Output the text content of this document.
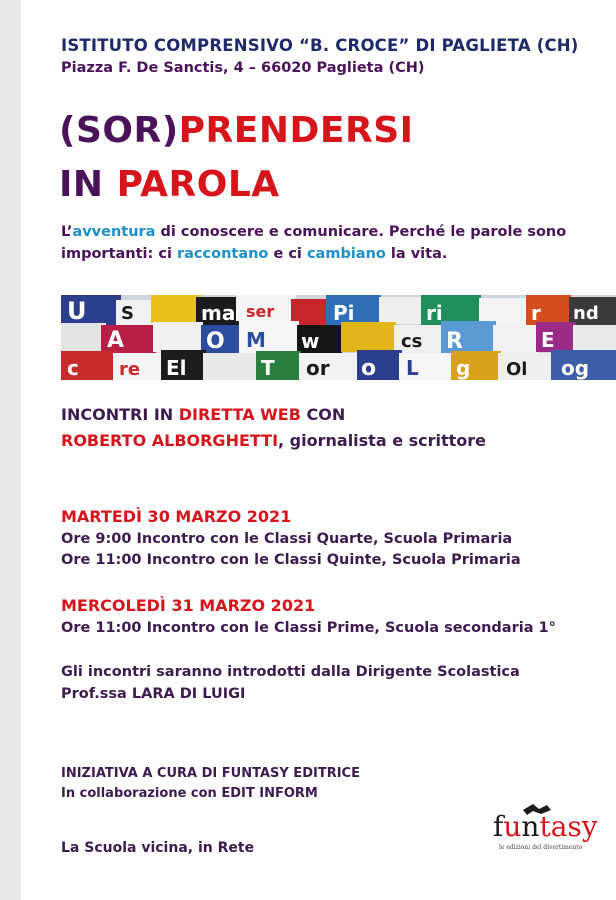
ISTITUTO COMPRENSIVO “B. CROCE” DI PAGLIETA (CH)
Piazza F. De Sanctis, 4 – 66020 Paglieta (CH)
(SOR)PRENDERSI
IN PAROLA
L’avventura di conoscere e comunicare. Perché le parole sono importanti: ci raccontano e ci cambiano la vita.
U S	ma ser	Pi	ri	r nd
A	O M w	cs R	E
c re El	T or o L g Ol og
INCONTRI IN DIRETTA WEB CON
ROBERTO ALBORGHETTI, giornalista e scrittore
MARTEDÌ 30 MARZO 2021
Ore 9:00 Incontro con le Classi Quarte, Scuola Primaria
Ore 11:00 Incontro con le Classi Quinte, Scuola Primaria
MERCOLEDÌ 31 MARZO 2021
Ore 11:00 Incontro con le Classi Prime, Scuola secondaria 1°
Gli incontri saranno introdotti dalla Dirigente Scolastica
Prof.ssa LARA DI LUIGI
INIZIATIVA A CURA DI FUNTASY EDITRICE
In collaborazione con EDIT INFORM
La Scuola vicina, in Rete
funtasy
le edizioni del divertimento
